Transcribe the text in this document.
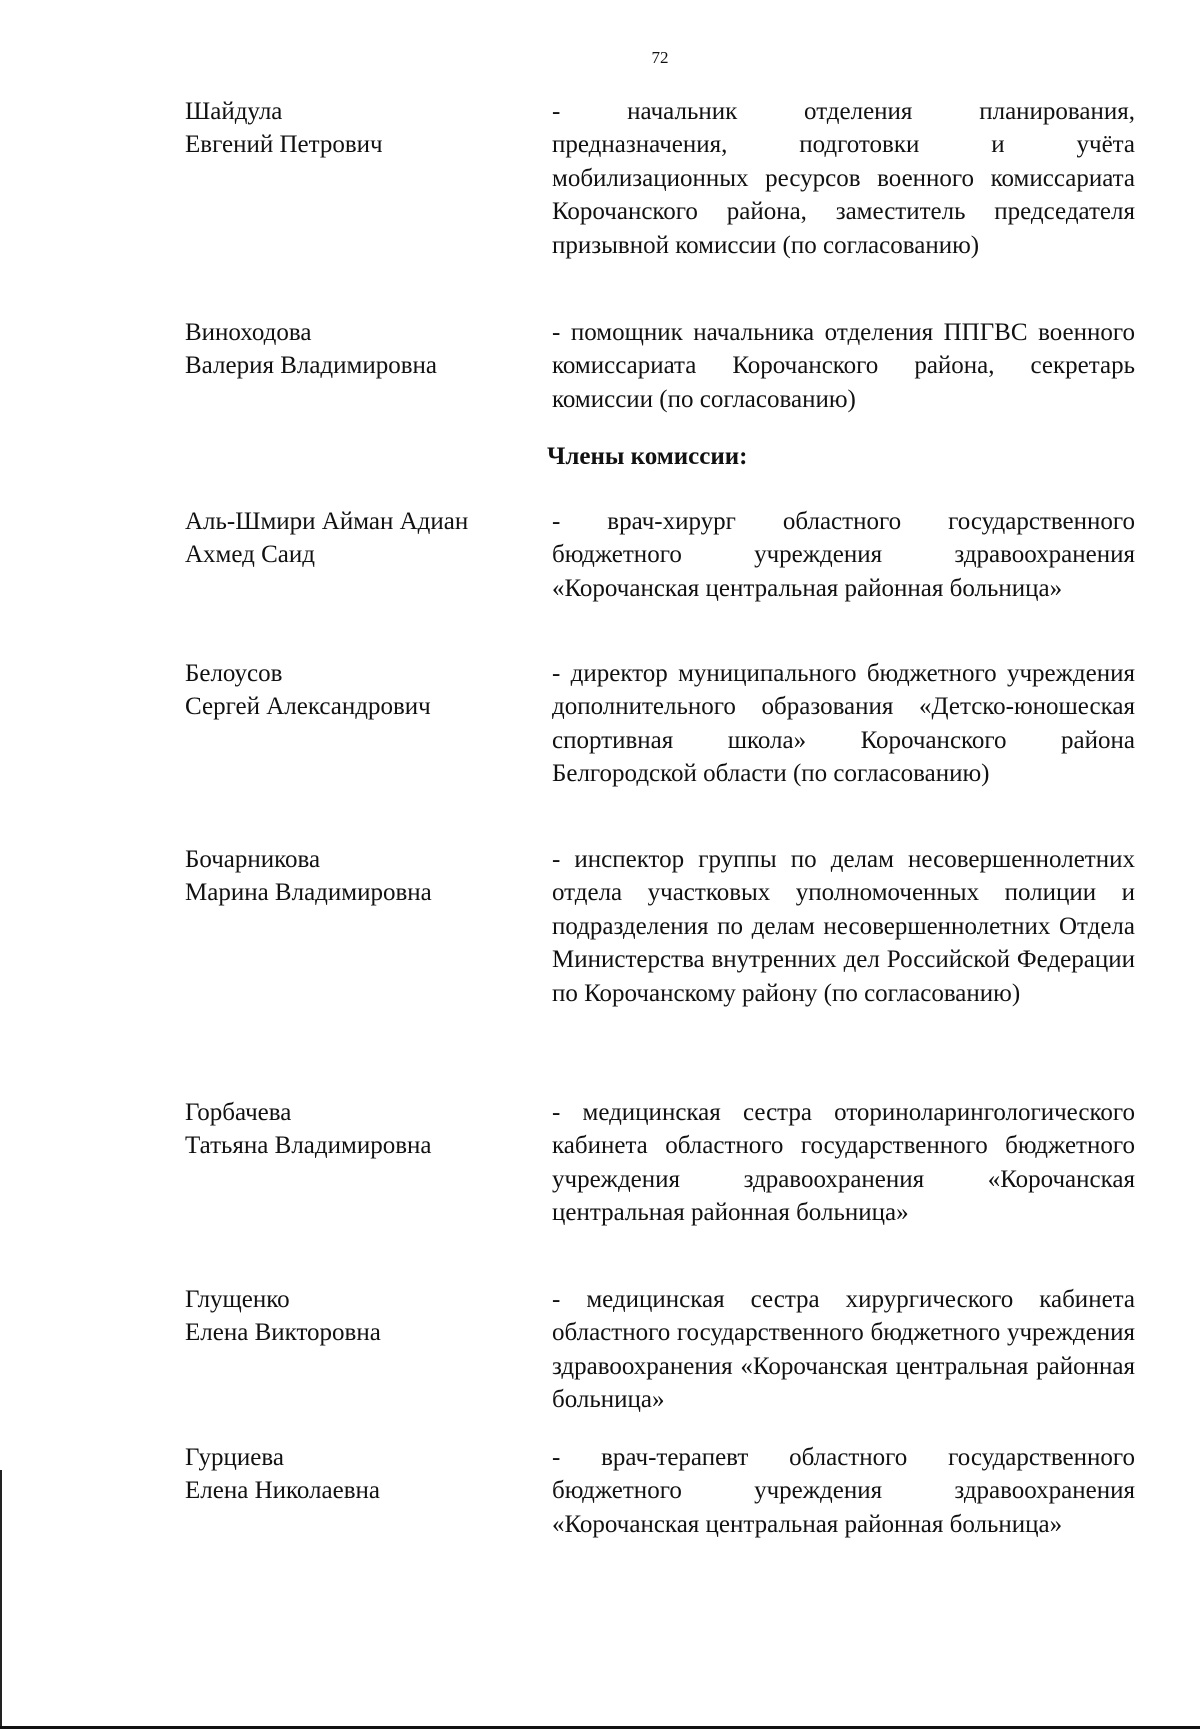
72
Шайдула
Евгений Петрович
- начальник отделения планирования, предназначения, подготовки и учёта мобилизационных ресурсов военного комиссариата Корочанского района, заместитель председателя призывной комиссии (по согласованию)
Виноходова
Валерия Владимировна
- помощник начальника отделения ППГВС военного комиссариата Корочанского района, секретарь комиссии (по согласованию)
Члены комиссии:
Аль-Шмири Айман Адиан
Ахмед Саид
- врач-хирург областного государственного бюджетного учреждения здравоохранения «Корочанская центральная районная больница»
Белоусов
Сергей Александрович
- директор муниципального бюджетного учреждения дополнительного образования «Детско-юношеская спортивная школа» Корочанского района Белгородской области (по согласованию)
Бочарникова
Марина Владимировна
- инспектор группы по делам несовершеннолетних отдела участковых уполномоченных полиции и подразделения по делам несовершеннолетних Отдела Министерства внутренних дел Российской Федерации по Корочанскому району (по согласованию)
Горбачева
Татьяна Владимировна
- медицинская сестра оториноларингологического кабинета областного государственного бюджетного учреждения здравоохранения «Корочанская центральная районная больница»
Глущенко
Елена Викторовна
- медицинская сестра хирургического кабинета областного государственного бюджетного учреждения здравоохранения «Корочанская центральная районная больница»
Гурциева
Елена Николаевна
- врач-терапевт областного государственного бюджетного учреждения здравоохранения «Корочанская центральная районная больница»
